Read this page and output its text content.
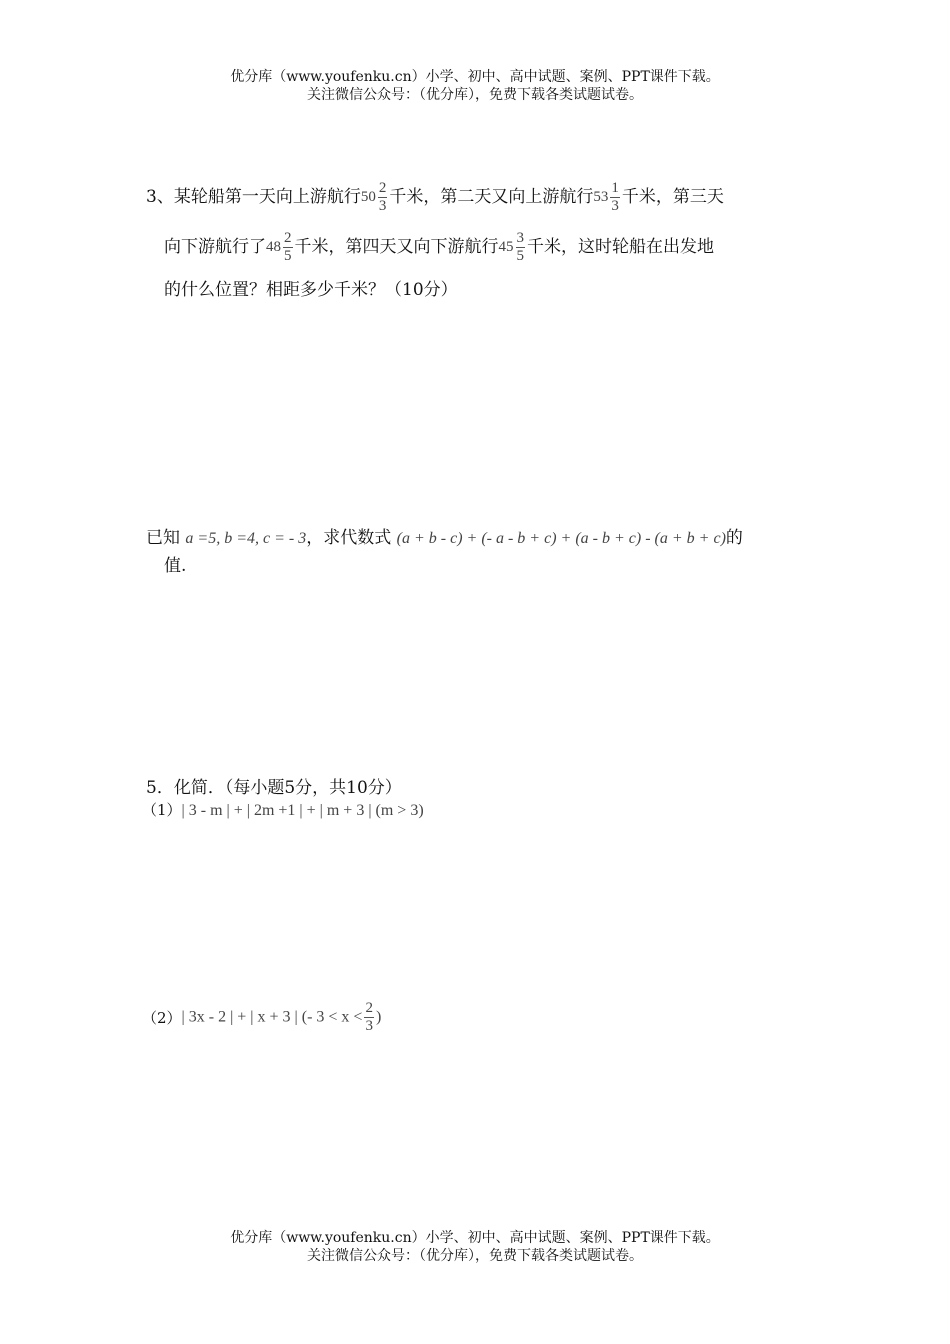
优分库（www.youfenku.cn）小学、初中、高中试题、案例、PPT课件下载。
关注微信公众号：（优分库），免费下载各类试题试卷。
3、某轮船第一天向上游航行$50 \frac{2}{3}$ 千米，第二天又向上游航行$53 \frac{1}{3}$ 千米，第三天
向下游航行了$48 \frac{2}{5}$ 千米，第四天又向下游航行$45 \frac{3}{5}$ 千米，这时轮船在出发地
的什么位置？相距多少千米？（10分）
已知 a =5, b =4, c = - 3，求代数式 (a + b - c) + (- a - b + c) + (a - b + c) - (a + b + c)的
值.
5．化简．（每小题5分，共10分）
（1）| 3 - m | + | 2m +1 | + | m + 3 | (m > 3)
（2）| 3x - 2 | + | x + 3 | (- $3 < x < \frac{2}{3}$ )
优分库（www.youfenku.cn）小学、初中、高中试题、案例、PPT课件下载。
关注微信公众号：（优分库），免费下载各类试题试卷。
